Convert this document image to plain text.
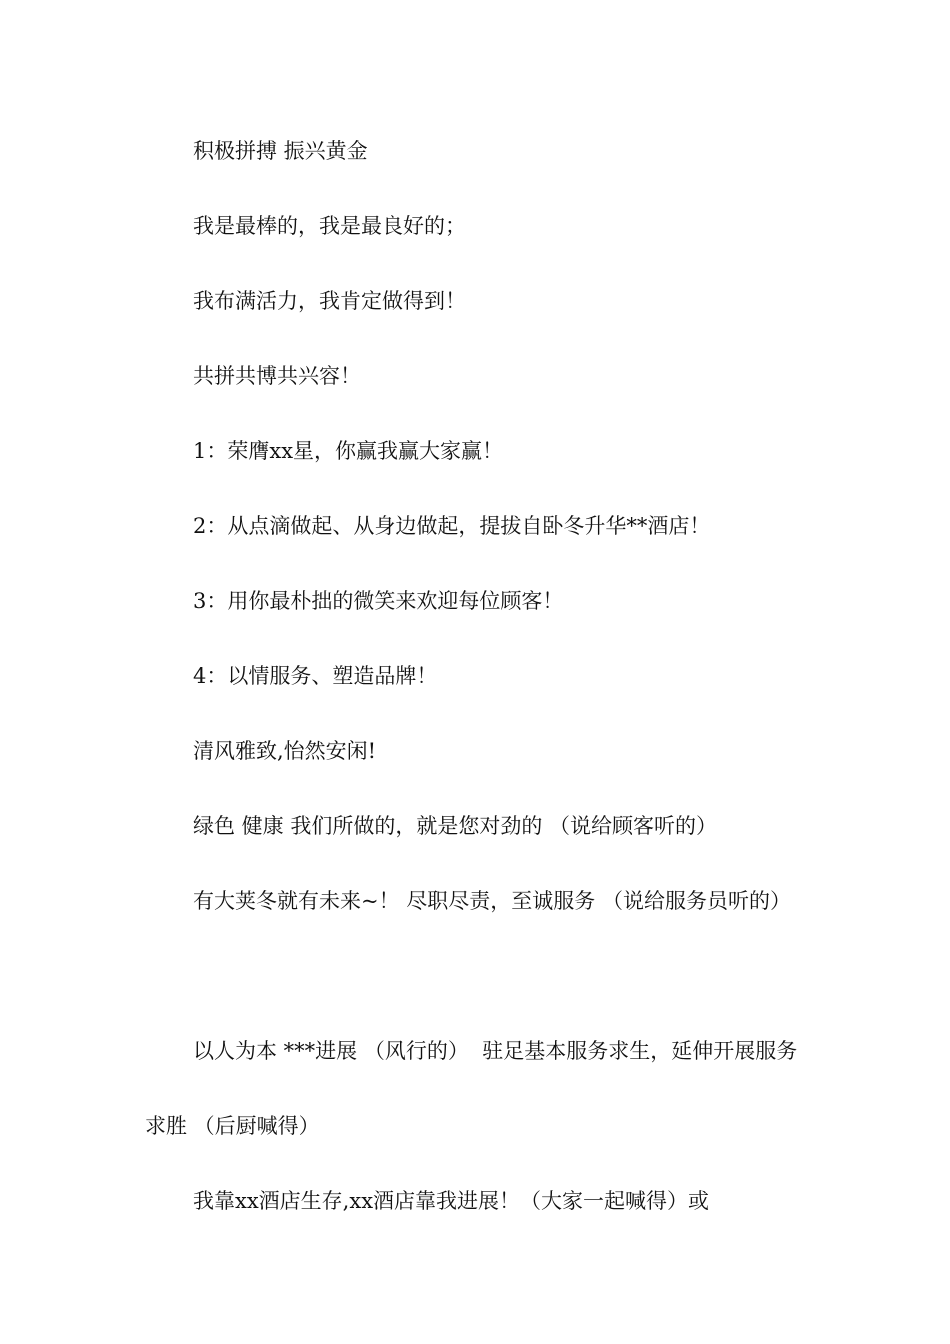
积极拼搏 振兴黄金

我是最棒的，我是最良好的；

我布满活力，我肯定做得到！

共拼共博共兴容！

1：荣膺xx星，你赢我赢大家赢！

2：从点滴做起、从身边做起，提拔自卧冬升华**酒店！

3：用你最朴拙的微笑来欢迎每位顾客！

4：以情服务、塑造品牌！

清风雅致,怡然安闲!

绿色 健康 我们所做的，就是您对劲的 （说给顾客听的）

有大荚冬就有未来~！ 尽职尽责，至诚服务 （说给服务员听的）

以人为本 ***进展 （风行的）  驻足基本服务求生，延伸开展服务求胜 （后厨喊得）

我靠xx酒店生存,xx酒店靠我进展！（大家一起喊得）或
